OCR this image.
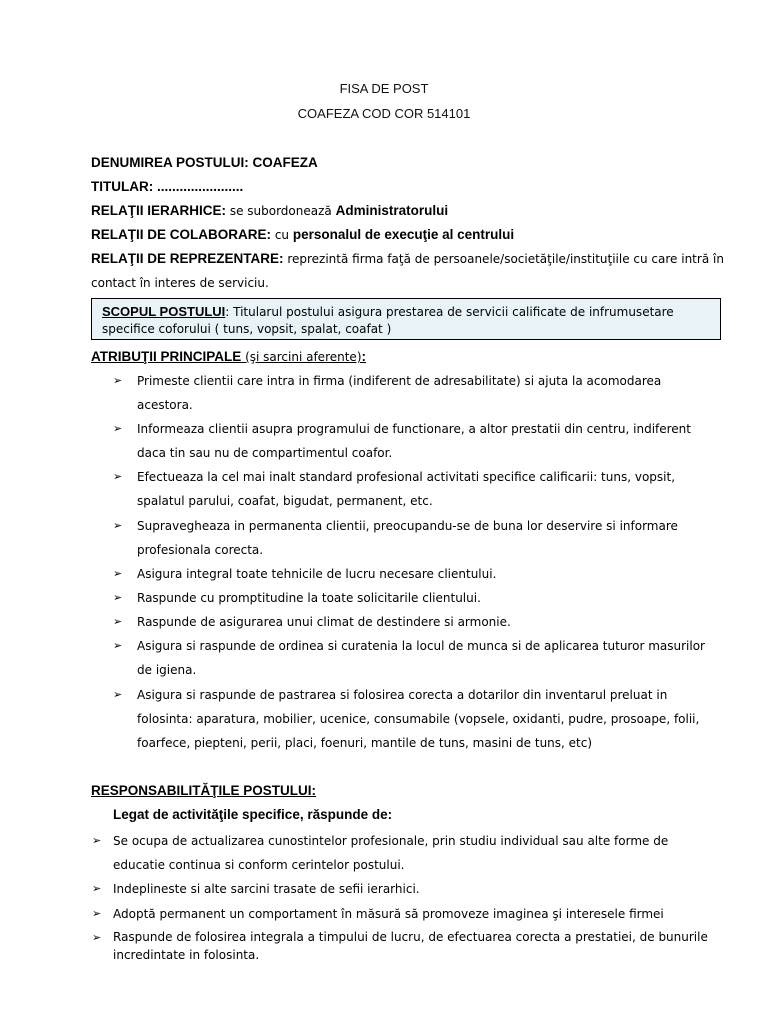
FISA DE POST
COAFEZA COD COR 514101
DENUMIREA POSTULUI: COAFEZA
TITULAR: .......................
RELAŢII IERARHICE: se subordonează Administratorului
RELAŢII DE COLABORARE: cu personalul de execuţie al centrului
RELAŢII DE REPREZENTARE: reprezintă firma faţă de persoanele/societăţile/instituţiile cu care intră în contact în interes de serviciu.
SCOPUL POSTULUI: Titularul postului asigura prestarea de servicii calificate de infrumusetare specifice coforului ( tuns, vopsit, spalat, coafat )
ATRIBUŢII PRINCIPALE (şi sarcini aferente):
➢ Primeste clientii care intra in firma (indiferent de adresabilitate) si ajuta la acomodarea acestora.
➢ Informeaza clientii asupra programului de functionare, a altor prestatii din centru, indiferent daca tin sau nu de compartimentul coafor.
➢ Efectueaza la cel mai inalt standard profesional activitati specifice calificarii: tuns, vopsit, spalatul parului, coafat, bigudat, permanent, etc.
➢ Supravegheaza in permanenta clientii, preocupandu-se de buna lor deservire si informare profesionala corecta.
➢ Asigura integral toate tehnicile de lucru necesare clientului.
➢ Raspunde cu promptitudine la toate solicitarile clientului.
➢ Raspunde de asigurarea unui climat de destindere si armonie.
➢ Asigura si raspunde de ordinea si curatenia la locul de munca si de aplicarea tuturor masurilor de igiena.
➢ Asigura si raspunde de pastrarea si folosirea corecta a dotarilor din inventarul preluat in folosinta: aparatura, mobilier, ucenice, consumabile (vopsele, oxidanti, pudre, prosoape, folii, foarfece, piepteni, perii, placi, foenuri, mantile de tuns, masini de tuns, etc)
RESPONSABILITĂŢILE POSTULUI:
Legat de activităţile specifice, răspunde de:
➢ Se ocupa de actualizarea cunostintelor profesionale, prin studiu individual sau alte forme de educatie continua si conform cerintelor postului.
➢ Indeplineste si alte sarcini trasate de sefii ierarhici.
➢ Adoptă permanent un comportament în măsură să promoveze imaginea şi interesele firmei
➢ Raspunde de folosirea integrala a timpului de lucru, de efectuarea corecta a prestatiei, de bunurile incredintate in folosinta.
